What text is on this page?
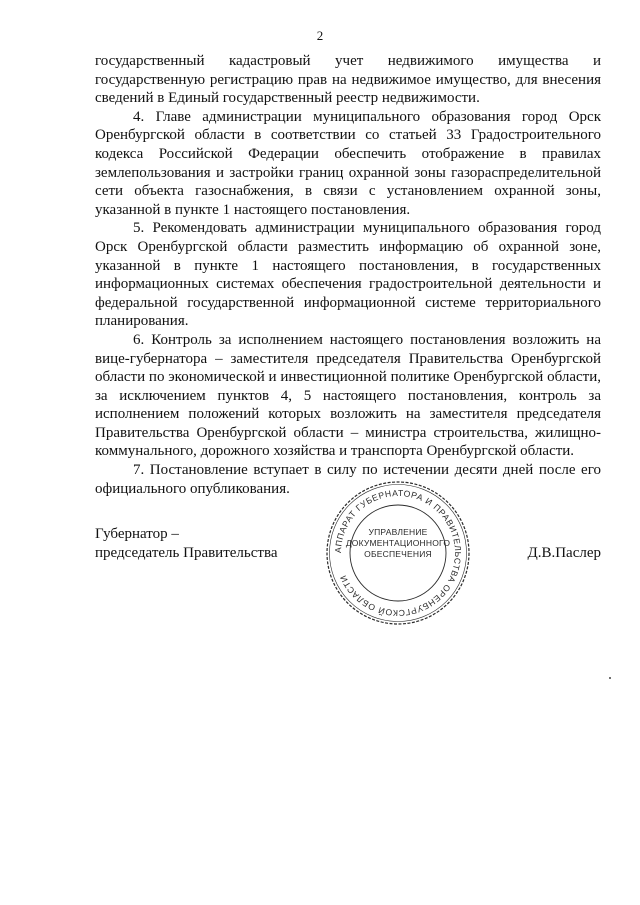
2

государственный кадастровый учет недвижимого имущества и государственную регистрацию прав на недвижимое имущество, для внесения сведений в Единый государственный реестр недвижимости.

4. Главе администрации муниципального образования город Орск Оренбургской области в соответствии со статьей 33 Градостроительного кодекса Российской Федерации обеспечить отображение в правилах землепользования и застройки границ охранной зоны газораспределительной сети объекта газоснабжения, в связи с установлением охранной зоны, указанной в пункте 1 настоящего постановления.

5. Рекомендовать администрации муниципального образования город Орск Оренбургской области разместить информацию об охранной зоне, указанной в пункте 1 настоящего постановления, в государственных информационных системах обеспечения градостроительной деятельности и федеральной государственной информационной системе территориального планирования.

6. Контроль за исполнением настоящего постановления возложить на вице-губернатора – заместителя председателя Правительства Оренбургской области по экономической и инвестиционной политике Оренбургской области, за исключением пунктов 4, 5 настоящего постановления, контроль за исполнением положений которых возложить на заместителя председателя Правительства Оренбургской области – министра строительства, жилищно-коммунального, дорожного хозяйства и транспорта Оренбургской области.

7. Постановление вступает в силу по истечении десяти дней после его официального опубликования.

Губернатор –
председатель Правительства	АППАРАТ ГУБЕРНАТОРА И ПРАВИТЕЛЬСТВА ОРЕНБУРГСКОЙ ОБЛАСТИ
УПРАВЛЕНИЕ
ДОКУМЕНТАЦИОННОГО
ОБЕСПЕЧЕНИЯ	Д.В.Паслер
